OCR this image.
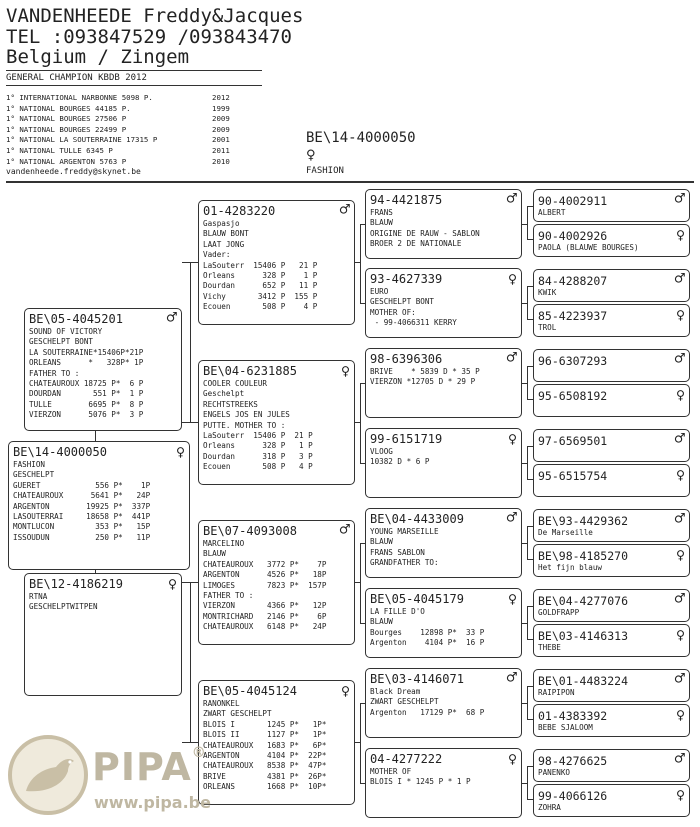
VANDENHEEDE Freddy&Jacques
TEL :093847529 /093843470
Belgium / Zingem
GENERAL CHAMPION KBDB 2012
1° INTERNATIONAL NARBONNE 5098 P.	2012
1° NATIONAL BOURGES 44185 P.	1999
1° NATIONAL BOURGES 27506 P	2009
1° NATIONAL BOURGES 22499 P	2009
1° NATIONAL LA SOUTERRAINE 17315 P	2001
1° NATIONAL TULLE 6345 P	2011
1° NATIONAL ARGENTON 5763 P	2010
vandenheede.freddy@skynet.be
BE\14-4000050
♀
FASHION
BE\14-4000050	♀
FASHION
GESCHELPT
GUERET            556 P*    1P
CHATEAUROUX      5641 P*   24P
ARGENTON        19925 P*  337P
LASOUTERRAI     18658 P*  441P
MONTLUCON         353 P*   15P
ISSOUDUN          250 P*   11P
BE\05-4045201	♂
SOUND OF VICTORY
GESCHELPT BONT
LA SOUTERRAINE*15406P*21P
ORLEANS      *   328P* 1P
FATHER TO :
CHATEAUROUX 18725 P*  6 P
DOURDAN       551 P*  1 P
TULLE        6695 P*  8 P
VIERZON      5076 P*  3 P
BE\12-4186219	♀
RTNA
GESCHELPTWITPEN
01-4283220	♂
Gaspasjo
BLAUW BONT
LAAT JONG
Vader:
LaSouterr  15406 P   21 P
Orleans      328 P    1 P
Dourdan      652 P   11 P
Vichy       3412 P  155 P
Ecouen       508 P    4 P
BE\04-6231885	♀
COOLER COULEUR
Geschelpt
RECHTSTREEKS
ENGELS JOS EN JULES
PUTTE. MOTHER TO :
LaSouterr  15406 P  21 P
Orleans      328 P   1 P
Dourdan      318 P   3 P
Ecouen       508 P   4 P
BE\07-4093008	♂
MARCELINO
BLAUW
CHATEAUROUX   3772 P*    7P
ARGENTON      4526 P*   18P
LIMOGES       7823 P*  157P
FATHER TO :
VIERZON       4366 P*   12P
MONTRICHARD   2146 P*    6P
CHATEAUROUX   6148 P*   24P
BE\05-4045124	♀
RANONKEL
ZWART GESCHELPT
BLOIS I       1245 P*   1P*
BLOIS II      1127 P*   1P*
CHATEAUROUX   1683 P*   6P*
ARGENTON      4104 P*  22P*
CHATEAUROUX   8538 P*  47P*
BRIVE         4381 P*  26P*
ORLEANS       1668 P*  10P*
94-4421875	♂
FRANS
BLAUW
ORIGINE DE RAUW - SABLON
BROER 2 DE NATIONALE
93-4627339	♀
EURO
GESCHELPT BONT
MOTHER OF:
- 99-4066311 KERRY
98-6396306	♂
BRIVE    * 5839 D * 35 P
VIERZON *12705 D * 29 P
99-6151719	♀
VLOOG
10382 D * 6 P
BE\04-4433009	♂
YOUNG MARSEILLE
BLAUW
FRANS SABLON
GRANDFATHER TO:
BE\05-4045179	♀
LA FILLE D'O
BLAUW
Bourges    12898 P*  33 P
Argenton    4104 P*  16 P
BE\03-4146071	♂
Black Dream
ZWART GESCHELPT
Argenton   17129 P*  68 P
04-4277222	♀
MOTHER OF
BLOIS I * 1245 P * 1 P
90-4002911	♂
ALBERT
90-4002926	♀
PAOLA (BLAUWE BOURGES)
84-4288207	♂
KWIK
85-4223937	♀
TROL
96-6307293	♂
95-6508192	♀
97-6569501	♂
95-6515754	♀
BE\93-4429362	♂
De Marseille
BE\98-4185270	♀
Het fijn blauw
BE\04-4277076	♂
GOLDFRAPP
BE\03-4146313	♀
THEBE
BE\01-4483224	♂
RAIPIPON
01-4383392	♀
BEBE SJALOOM
98-4276625	♂
PANENKO
99-4066126	♀
ZOHRA
PIPA®
www.pipa.be
